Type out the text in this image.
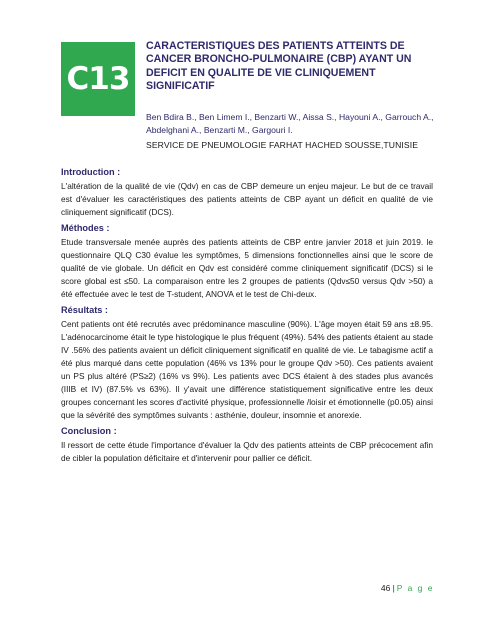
C13
CARACTERISTIQUES DES PATIENTS ATTEINTS DE CANCER BRONCHO-PULMONAIRE (CBP) AYANT UN DEFICIT EN QUALITE DE VIE CLINIQUEMENT SIGNIFICATIF
Ben Bdira B., Ben Limem I., Benzarti W., Aissa S., Hayouni A., Garrouch A., Abdelghani A., Benzarti M., Gargouri I.
SERVICE DE PNEUMOLOGIE FARHAT HACHED SOUSSE,TUNISIE
Introduction :

L'altération de la qualité de vie (Qdv) en cas de CBP demeure un enjeu majeur. Le but de ce travail est d'évaluer les caractéristiques des patients atteints de CBP ayant un déficit en qualité de vie cliniquement significatif (DCS).

Méthodes :

Etude transversale menée auprès des patients atteints de CBP entre janvier 2018 et juin 2019. le questionnaire QLQ C30 évalue les symptômes, 5 dimensions fonctionnelles ainsi que le score de qualité de vie globale. Un déficit en Qdv est considéré comme cliniquement significatif (DCS) si le score global est ≤50. La comparaison entre les 2 groupes de patients (Qdv≤50 versus Qdv >50) a été effectuée avec le test de T-student, ANOVA et le test de Chi-deux.

Résultats :

Cent patients ont été recrutés avec prédominance masculine (90%). L'âge moyen était 59 ans ±8.95. L'adénocarcinome était le type histologique le plus fréquent (49%). 54% des patients étaient au stade IV .56% des patients avaient un déficit cliniquement significatif en qualité de vie. Le tabagisme actif a été plus marqué dans cette population (46% vs 13% pour le groupe Qdv >50). Ces patients avaient un PS plus altéré (PS≥2) (16% vs 9%). Les patients avec DCS étaient à des stades plus avancés (IIIB et IV) (87.5% vs 63%). Il y'avait une différence statistiquement significative entre les deux groupes concernant les scores d'activité physique, professionnelle /loisir et émotionnelle (p0.05) ainsi que la sévérité des symptômes suivants : asthénie, douleur, insomnie et anorexie.

Conclusion :

Il ressort de cette étude l'importance d'évaluer la Qdv des patients atteints de CBP précocement afin de cibler la population déficitaire et d'intervenir pour pallier ce déficit.

46 | P a g e
